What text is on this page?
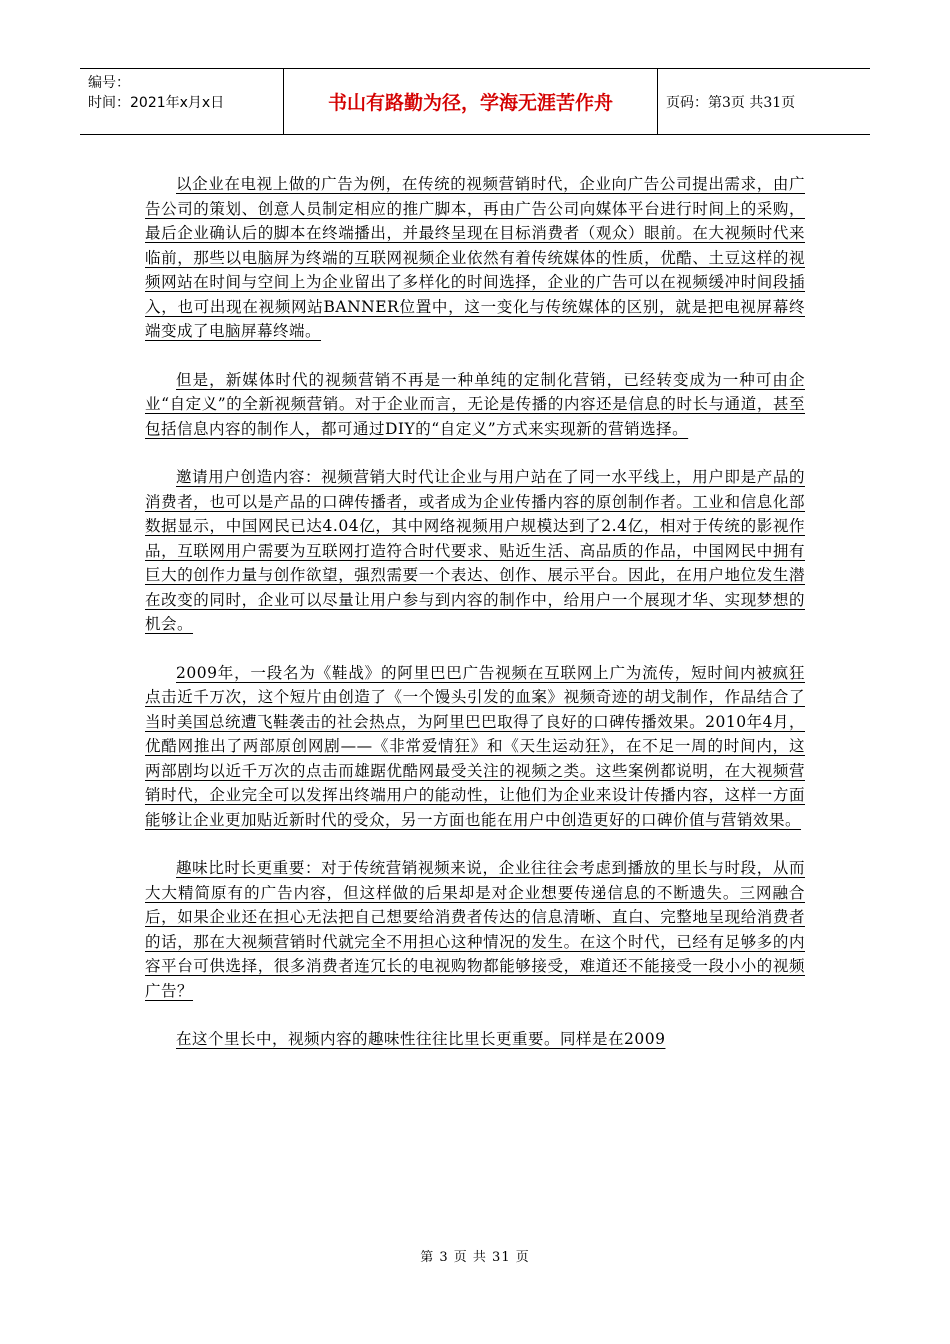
编号：
时间：2021年x月x日	书山有路勤为径，学海无涯苦作舟	页码：第3页 共31页

以企业在电视上做的广告为例，在传统的视频营销时代，企业向广告公司提出需求，由广告公司的策划、创意人员制定相应的推广脚本，再由广告公司向媒体平台进行时间上的采购，最后企业确认后的脚本在终端播出，并最终呈现在目标消费者（观众）眼前。在大视频时代来临前，那些以电脑屏为终端的互联网视频企业依然有着传统媒体的性质，优酷、土豆这样的视频网站在时间与空间上为企业留出了多样化的时间选择，企业的广告可以在视频缓冲时间段插入，也可出现在视频网站BANNER位置中，这一变化与传统媒体的区别，就是把电视屏幕终端变成了电脑屏幕终端。

但是，新媒体时代的视频营销不再是一种单纯的定制化营销，已经转变成为一种可由企业“自定义”的全新视频营销。对于企业而言，无论是传播的内容还是信息的时长与通道，甚至包括信息内容的制作人，都可通过DIY的“自定义”方式来实现新的营销选择。

邀请用户创造内容：视频营销大时代让企业与用户站在了同一水平线上，用户即是产品的消费者，也可以是产品的口碑传播者，或者成为企业传播内容的原创制作者。工业和信息化部数据显示，中国网民已达4.04亿，其中网络视频用户规模达到了2.4亿，相对于传统的影视作品，互联网用户需要为互联网打造符合时代要求、贴近生活、高品质的作品，中国网民中拥有巨大的创作力量与创作欲望，强烈需要一个表达、创作、展示平台。因此，在用户地位发生潜在改变的同时，企业可以尽量让用户参与到内容的制作中，给用户一个展现才华、实现梦想的机会。

2009年，一段名为《鞋战》的阿里巴巴广告视频在互联网上广为流传，短时间内被疯狂点击近千万次，这个短片由创造了《一个馒头引发的血案》视频奇迹的胡戈制作，作品结合了当时美国总统遭飞鞋袭击的社会热点，为阿里巴巴取得了良好的口碑传播效果。2010年4月，优酷网推出了两部原创网剧——《非常爱情狂》和《天生运动狂》，在不足一周的时间内，这两部剧均以近千万次的点击而雄踞优酷网最受关注的视频之类。这些案例都说明，在大视频营销时代，企业完全可以发挥出终端用户的能动性，让他们为企业来设计传播内容，这样一方面能够让企业更加贴近新时代的受众，另一方面也能在用户中创造更好的口碑价值与营销效果。

趣味比时长更重要：对于传统营销视频来说，企业往往会考虑到播放的里长与时段，从而大大精简原有的广告内容，但这样做的后果却是对企业想要传递信息的不断遗失。三网融合后，如果企业还在担心无法把自己想要给消费者传达的信息清晰、直白、完整地呈现给消费者的话，那在大视频营销时代就完全不用担心这种情况的发生。在这个时代，已经有足够多的内容平台可供选择，很多消费者连冗长的电视购物都能够接受，难道还不能接受一段小小的视频广告？

在这个里长中，视频内容的趣味性往往比里长更重要。同样是在2009

第 3 页 共 31 页
